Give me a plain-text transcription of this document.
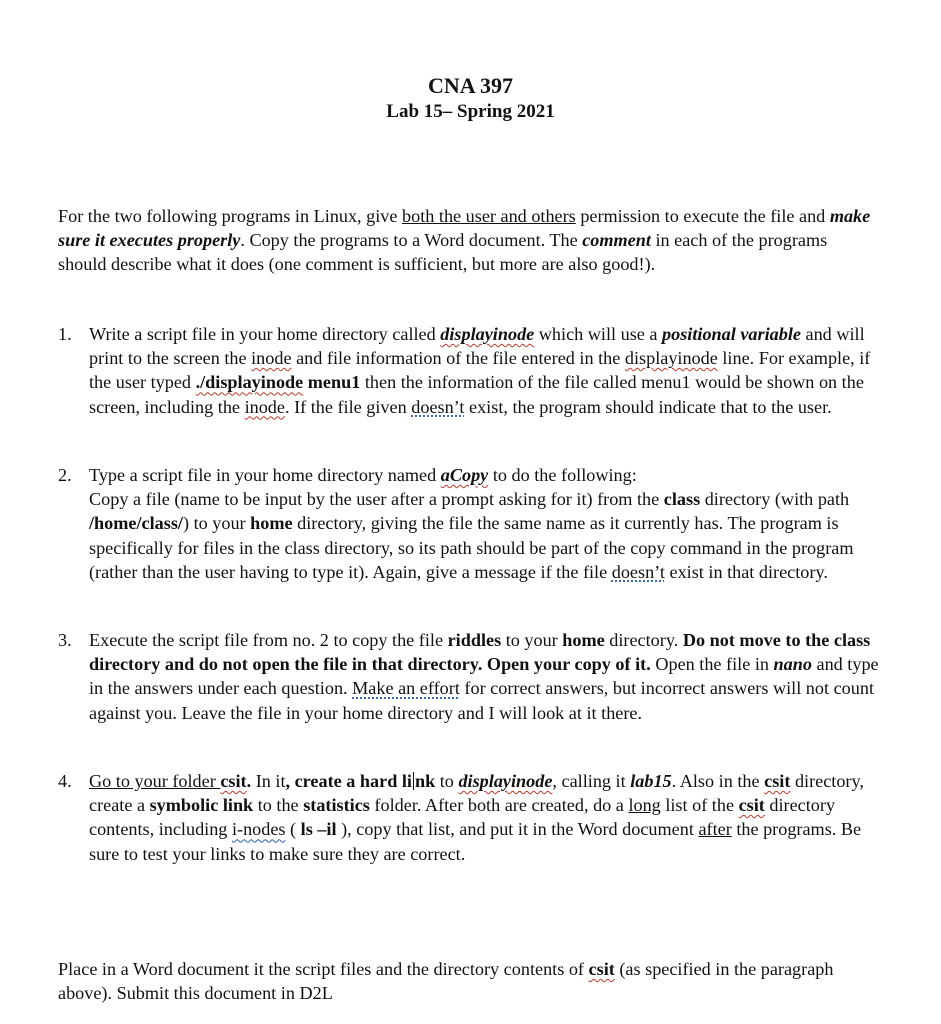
CNA 397
Lab 15– Spring 2021

For the two following programs in Linux, give both the user and others permission to execute the file and make sure it executes properly. Copy the programs to a Word document. The comment in each of the programs should describe what it does (one comment is sufficient, but more are also good!).

1. Write a script file in your home directory called displayinode which will use a positional variable and will print to the screen the inode and file information of the file entered in the displayinode line. For example, if the user typed ./displayinode menu1 then the information of the file called menu1 would be shown on the screen, including the inode. If the file given doesn’t exist, the program should indicate that to the user.

2. Type a script file in your home directory named aCopy to do the following:
Copy a file (name to be input by the user after a prompt asking for it) from the class directory (with path /home/class/) to your home directory, giving the file the same name as it currently has. The program is specifically for files in the class directory, so its path should be part of the copy command in the program (rather than the user having to type it). Again, give a message if the file doesn’t exist in that directory.

3. Execute the script file from no. 2 to copy the file riddles to your home directory. Do not move to the class directory and do not open the file in that directory. Open your copy of it. Open the file in nano and type in the answers under each question. Make an effort for correct answers, but incorrect answers will not count against you. Leave the file in your home directory and I will look at it there.

4. Go to your folder csit. In it, create a hard li nk to displayinode, calling it lab15. Also in the csit directory, create a symbolic link to the statistics folder. After both are created, do a long list of the csit directory contents, including i-nodes ( ls –il ), copy that list, and put it in the Word document after the programs. Be sure to test your links to make sure they are correct.

Place in a Word document it the script files and the directory contents of csit (as specified in the paragraph above). Submit this document in D2L
